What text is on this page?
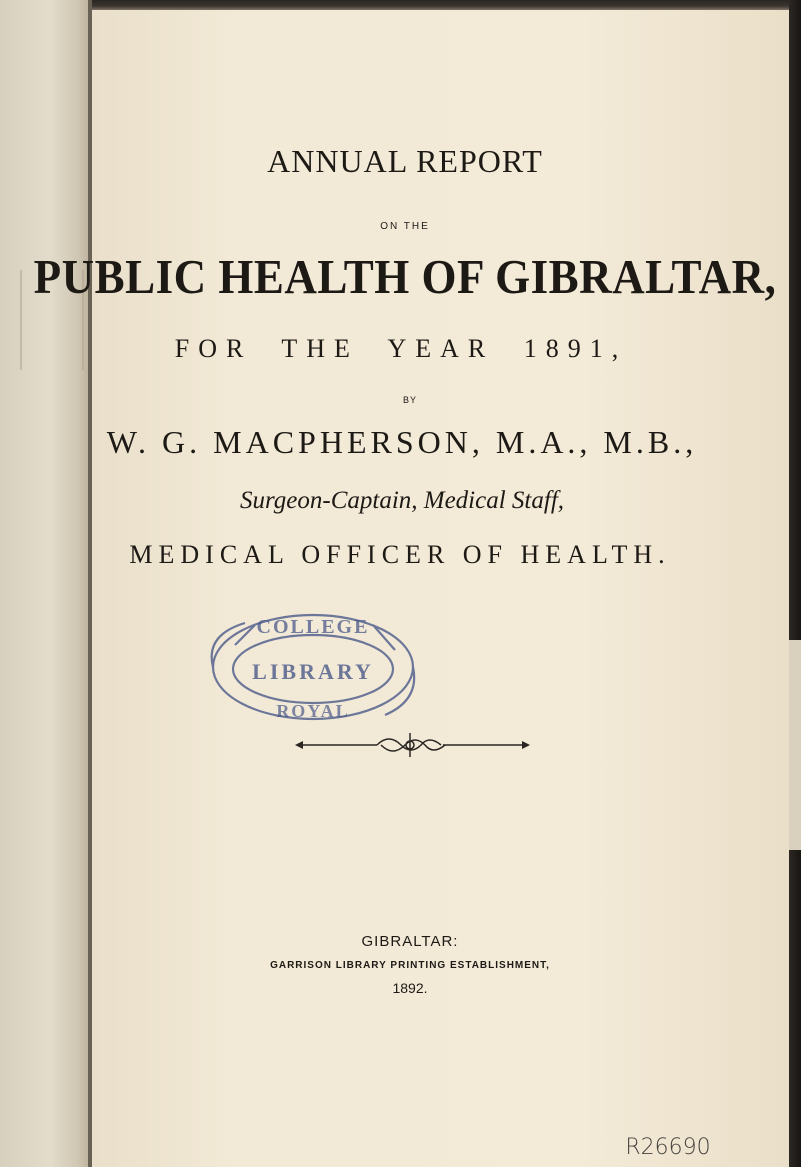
ANNUAL REPORT
ON THE
PUBLIC HEALTH OF GIBRALTAR,
FOR THE YEAR 1891,
BY
W. G. MACPHERSON, M.A., M.B.,
Surgeon-Captain, Medical Staff,
MEDICAL OFFICER OF HEALTH.
COLLEGE
LIBRARY
ROYAL
GIBRALTAR:
GARRISON LIBRARY PRINTING ESTABLISHMENT,
1892.
R26690
